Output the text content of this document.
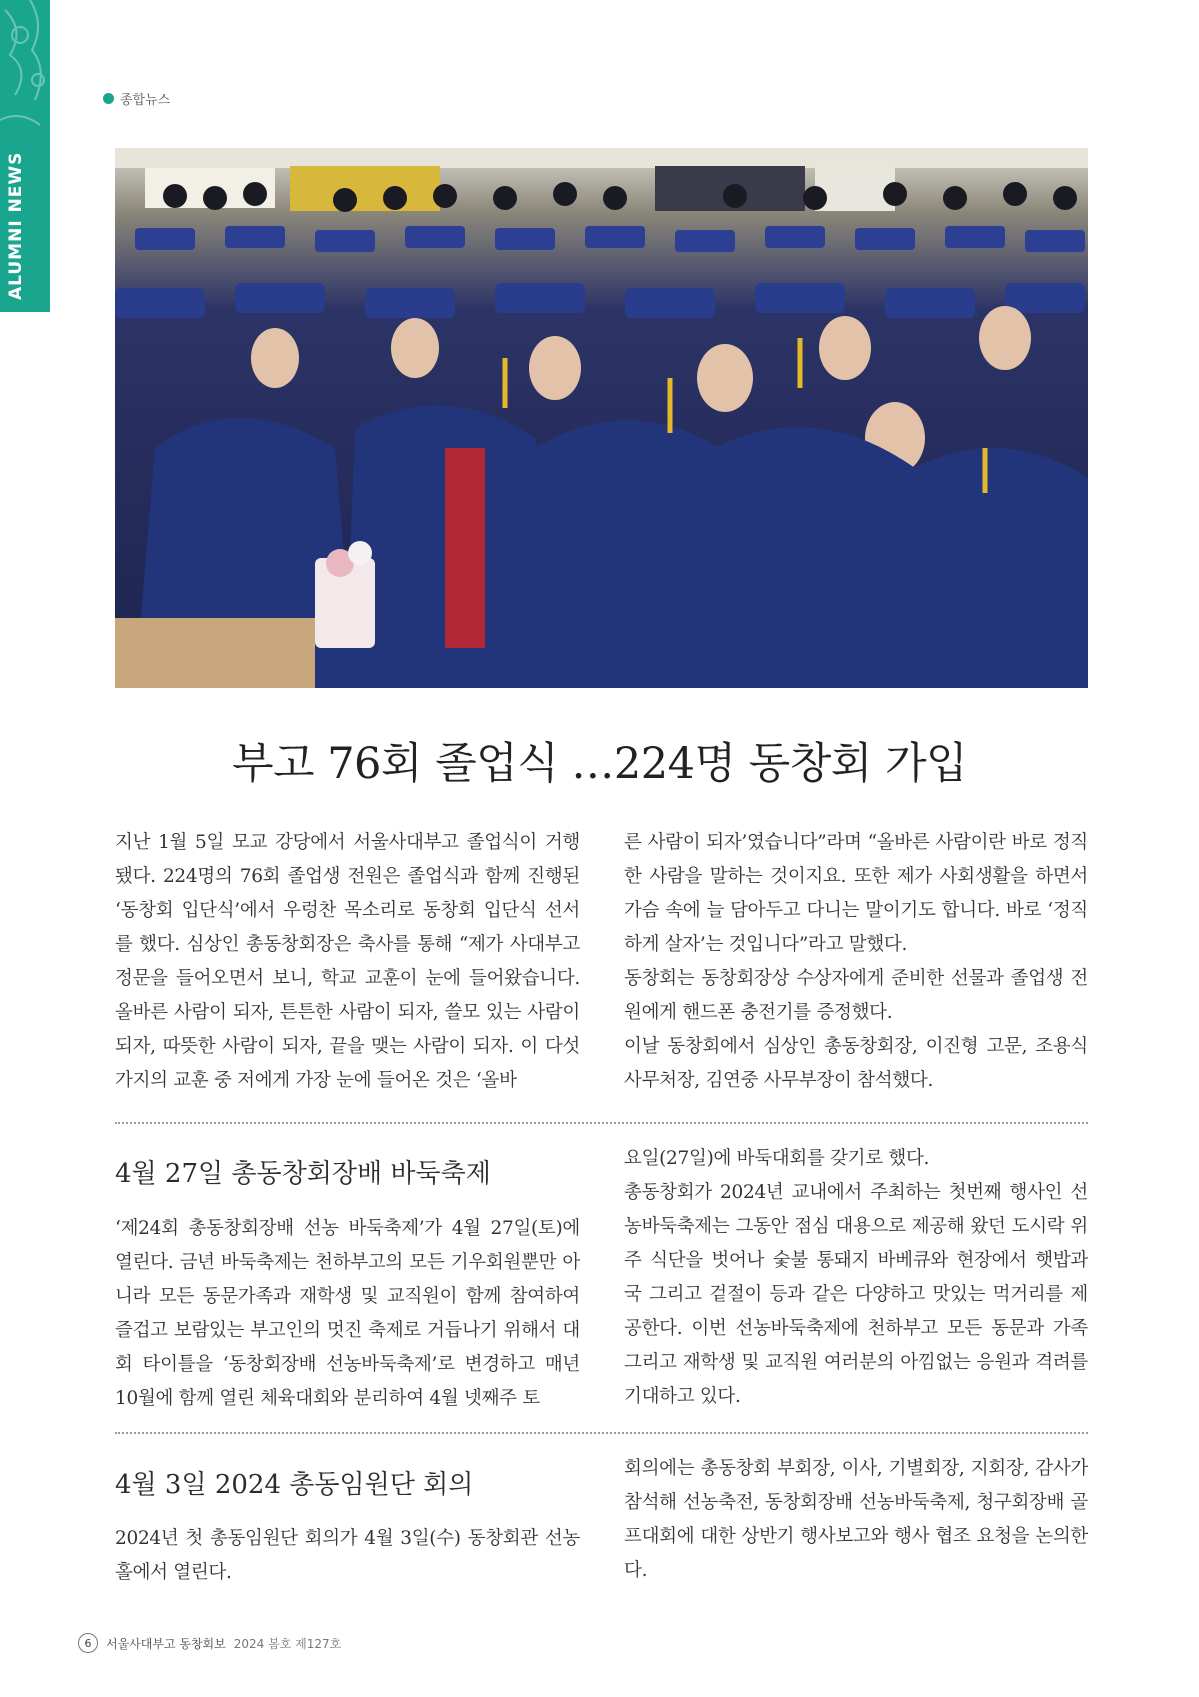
ALUMNI NEWS
종합뉴스
부고 76회 졸업식 …224명 동창회 가입

지난 1월 5일 모교 강당에서 서울사대부고 졸업식이 거행됐다. 224명의 76회 졸업생 전원은 졸업식과 함께 진행된 ‘동창회 입단식’에서 우렁찬 목소리로 동창회 입단식 선서를 했다. 심상인 총동창회장은 축사를 통해 “제가 사대부고 정문을 들어오면서 보니, 학교 교훈이 눈에 들어왔습니다. 올바른 사람이 되자, 튼튼한 사람이 되자, 쓸모 있는 사람이 되자, 따뜻한 사람이 되자, 끝을 맺는 사람이 되자. 이 다섯 가지의 교훈 중 저에게 가장 눈에 들어온 것은 ‘올바

른 사람이 되자’였습니다”라며 “올바른 사람이란 바로 정직한 사람을 말하는 것이지요. 또한 제가 사회생활을 하면서 가슴 속에 늘 담아두고 다니는 말이기도 합니다. 바로 ‘정직하게 살자’는 것입니다”라고 말했다.

동창회는 동창회장상 수상자에게 준비한 선물과 졸업생 전원에게 핸드폰 충전기를 증정했다.

이날 동창회에서 심상인 총동창회장, 이진형 고문, 조용식 사무처장, 김연중 사무부장이 참석했다.

4월 27일 총동창회장배 바둑축제

‘제24회 총동창회장배 선농 바둑축제’가 4월 27일(토)에 열린다. 금년 바둑축제는 천하부고의 모든 기우회원뿐만 아니라 모든 동문가족과 재학생 및 교직원이 함께 참여하여 즐겁고 보람있는 부고인의 멋진 축제로 거듭나기 위해서 대회 타이틀을 ‘동창회장배 선농바둑축제’로 변경하고 매년 10월에 함께 열린 체육대회와 분리하여 4월 넷째주 토

요일(27일)에 바둑대회를 갖기로 했다.

총동창회가 2024년 교내에서 주최하는 첫번째 행사인 선농바둑축제는 그동안 점심 대용으로 제공해 왔던 도시락 위주 식단을 벗어나 숯불 통돼지 바베큐와 현장에서 햇밥과 국 그리고 겉절이 등과 같은 다양하고 맛있는 먹거리를 제공한다. 이번 선농바둑축제에 천하부고 모든 동문과 가족 그리고 재학생 및 교직원 여러분의 아낌없는 응원과 격려를 기대하고 있다.

4월 3일 2024 총동임원단 회의

2024년 첫 총동임원단 회의가 4월 3일(수) 동창회관 선농홀에서 열린다.

회의에는 총동창회 부회장, 이사, 기별회장, 지회장, 감사가 참석해 선농축전, 동창회장배 선농바둑축제, 청구회장배 골프대회에 대한 상반기 행사보고와 행사 협조 요청을 논의한다.

6	서울사대부고 동창회보 2024 봄호 제127호
